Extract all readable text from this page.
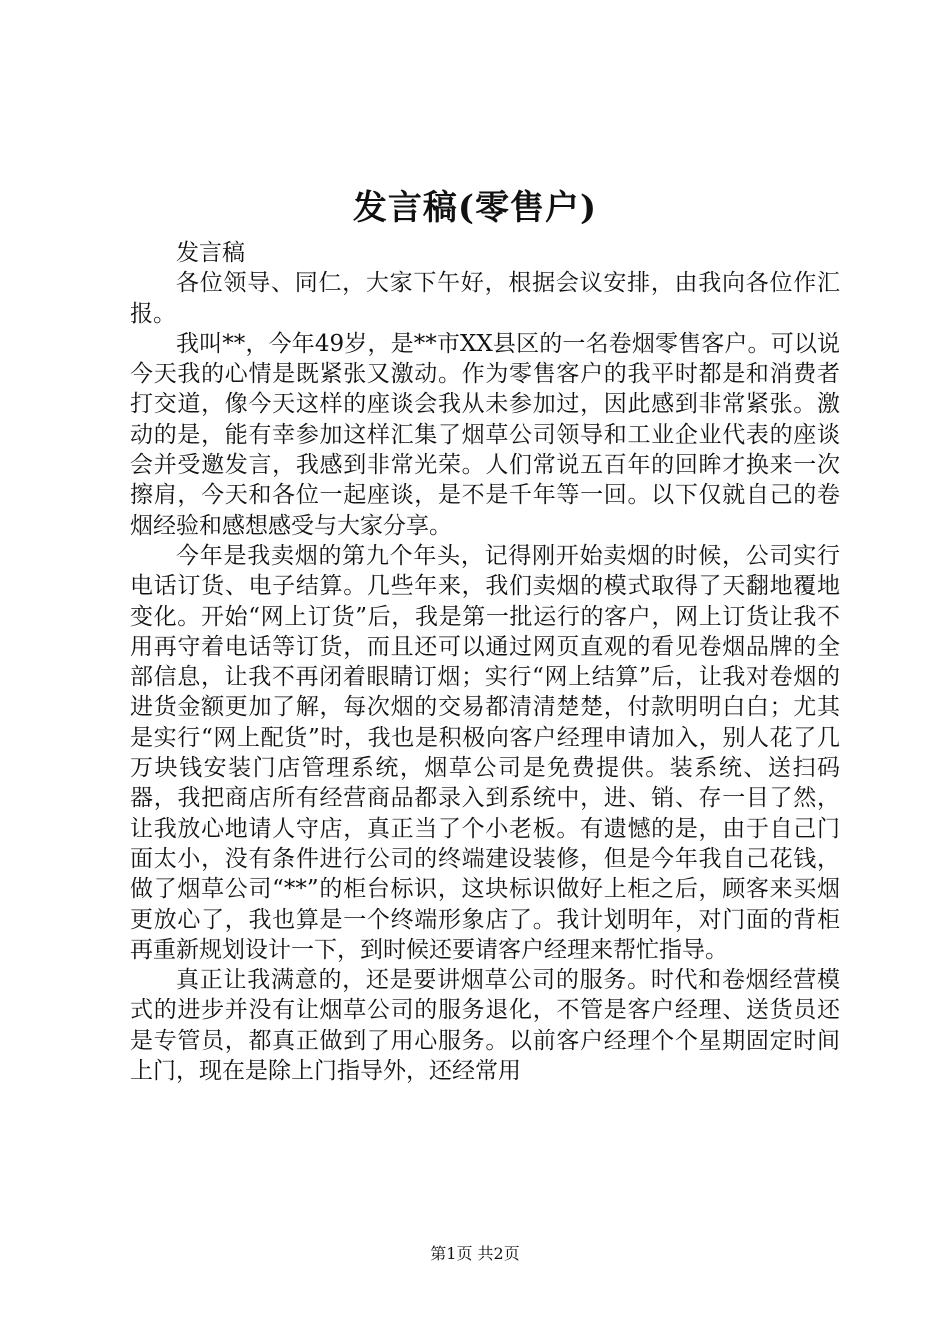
发言稿(零售户)

发言稿

各位领导、同仁，大家下午好，根据会议安排，由我向各位作汇报。

我叫**，今年49岁，是**市XX县区的一名卷烟零售客户。可以说今天我的心情是既紧张又激动。作为零售客户的我平时都是和消费者打交道，像今天这样的座谈会我从未参加过，因此感到非常紧张。激动的是，能有幸参加这样汇集了烟草公司领导和工业企业代表的座谈会并受邀发言，我感到非常光荣。人们常说五百年的回眸才换来一次擦肩，今天和各位一起座谈，是不是千年等一回。以下仅就自己的卷烟经验和感想感受与大家分享。

今年是我卖烟的第九个年头，记得刚开始卖烟的时候，公司实行电话订货、电子结算。几些年来，我们卖烟的模式取得了天翻地覆地变化。开始“网上订货”后，我是第一批运行的客户，网上订货让我不用再守着电话等订货，而且还可以通过网页直观的看见卷烟品牌的全部信息，让我不再闭着眼睛订烟；实行“网上结算”后，让我对卷烟的进货金额更加了解，每次烟的交易都清清楚楚，付款明明白白；尤其是实行“网上配货”时，我也是积极向客户经理申请加入，别人花了几万块钱安装门店管理系统，烟草公司是免费提供。装系统、送扫码器，我把商店所有经营商品都录入到系统中，进、销、存一目了然，让我放心地请人守店，真正当了个小老板。有遗憾的是，由于自己门面太小，没有条件进行公司的终端建设装修，但是今年我自己花钱，做了烟草公司“**”的柜台标识，这块标识做好上柜之后，顾客来买烟更放心了，我也算是一个终端形象店了。我计划明年，对门面的背柜再重新规划设计一下，到时候还要请客户经理来帮忙指导。

真正让我满意的，还是要讲烟草公司的服务。时代和卷烟经营模式的进步并没有让烟草公司的服务退化，不管是客户经理、送货员还是专管员，都真正做到了用心服务。以前客户经理个个星期固定时间上门，现在是除上门指导外，还经常用

第1页 共2页
